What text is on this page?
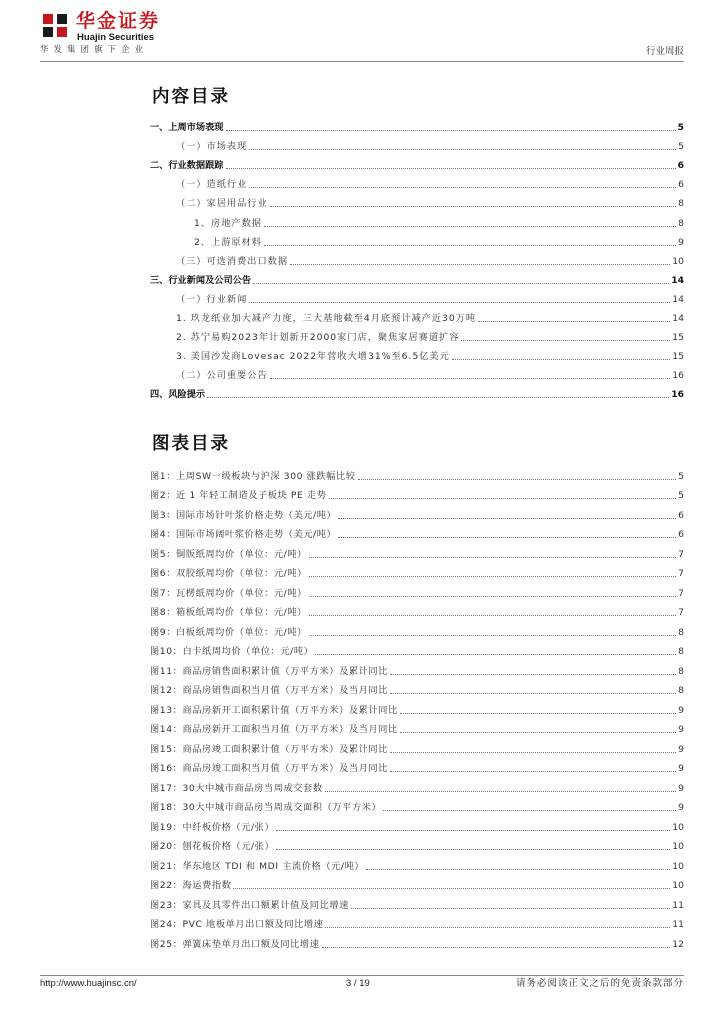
华金证券
Huajin Securities
华发集团旗下企业	行业周报
内容目录
一、上周市场表现	5
（一）市场表现	5
二、行业数据跟踪	6
（一）造纸行业	6
（二）家居用品行业	8
1、房地产数据	8
2．上游原材料	9
（三）可选消费出口数据	10
三、行业新闻及公司公告	14
（一）行业新闻	14
1. 玖龙纸业加大减产力度，三大基地截至4月底预计减产近30万吨	14
2. 苏宁易购2023年计划新开2000家门店，聚焦家居赛道扩容	15
3. 美国沙发商Lovesac 2022年营收大增31%至6.5亿美元	15
（二）公司重要公告	16
四、风险提示	16
图表目录
图1：上周SW一级板块与沪深 300 涨跌幅比较	5
图2：近 1 年轻工制造及子板块 PE 走势	5
图3：国际市场针叶浆价格走势（美元/吨）	6
图4：国际市场阔叶浆价格走势（美元/吨）	6
图5：铜版纸周均价（单位：元/吨）	7
图6：双胶纸周均价（单位：元/吨）	7
图7：瓦楞纸周均价（单位：元/吨）	7
图8：箱板纸周均价（单位：元/吨）	7
图9：白板纸周均价（单位：元/吨）	8
图10：白卡纸周均价（单位：元/吨）	8
图11：商品房销售面积累计值（万平方米）及累计同比	8
图12：商品房销售面积当月值（万平方米）及当月同比	8
图13：商品房新开工面积累计值（万平方米）及累计同比	9
图14：商品房新开工面积当月值（万平方米）及当月同比	9
图15：商品房竣工面积累计值（万平方米）及累计同比	9
图16：商品房竣工面积当月值（万平方米）及当月同比	9
图17：30大中城市商品房当周成交套数	9
图18：30大中城市商品房当周成交面积（万平方米）	9
图19：中纤板价格（元/张）	10
图20：刨花板价格（元/张）	10
图21：华东地区 TDI 和 MDI 主流价格（元/吨）	10
图22：海运费指数	10
图23：家具及其零件出口额累计值及同比增速	11
图24：PVC 地板单月出口额及同比增速	11
图25：弹簧床垫单月出口额及同比增速	12
http://www.huajinsc.cn/	3 / 19	请务必阅读正文之后的免责条款部分
